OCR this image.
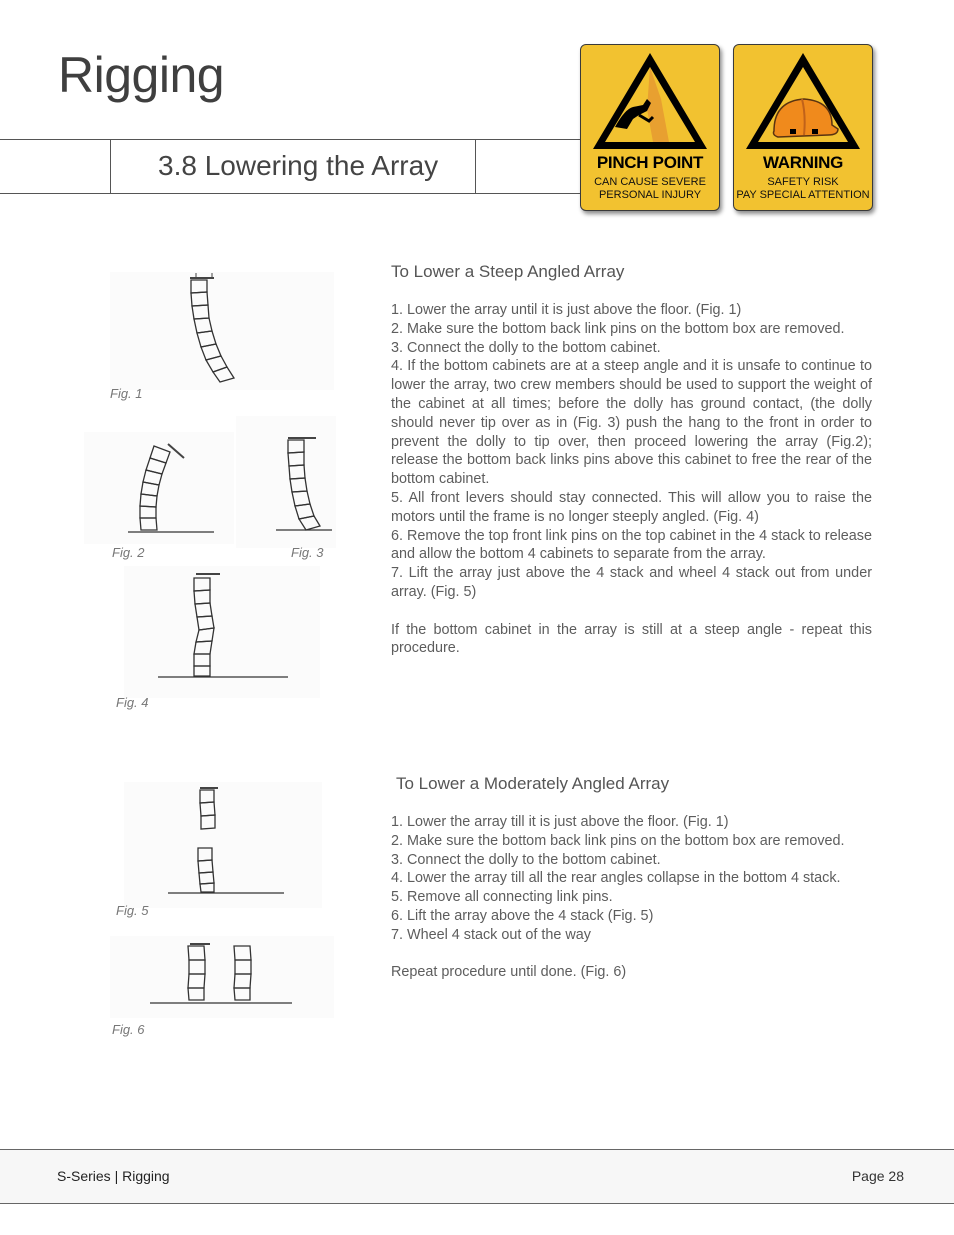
Rigging
3.8 Lowering the Array	PINCH POINT
CAN CAUSE SEVERE
PERSONAL INJURY
WARNING
SAFETY RISK
PAY SPECIAL ATTENTION
To Lower a Steep Angled Array

1. Lower the array until it is just above the floor. (Fig. 1)

2. Make sure the bottom back link pins on the bottom box are removed.

3. Connect the dolly to the bottom cabinet.

4. If the bottom cabinets are at a steep angle and it is unsafe to continue to lower the array, two crew members should be used to support the weight of the cabinet at all times; before the dolly has ground contact, (the dolly should never tip over as in (Fig. 3) push the hang to the front in order to prevent the dolly to tip over, then proceed lowering the array (Fig.2); release the bottom back links pins above this cabinet to free the rear of the bottom cabinet.

5. All front levers should stay connected. This will allow you to raise the motors until the frame is no longer steeply angled. (Fig. 4)

6. Remove the top front link pins on the top cabinet in the 4 stack to release and allow the bottom 4 cabinets to separate from the array.

7. Lift the array just above the 4 stack and wheel 4 stack out from under array. (Fig. 5)

If the bottom cabinet in the array is still at a steep angle - repeat this procedure.

To Lower a Moderately Angled Array

1. Lower the array till it is just above the floor. (Fig. 1)

2. Make sure the bottom back link pins on the bottom box are removed.

3. Connect the dolly to the bottom cabinet.

4. Lower the array till all the rear angles collapse in the bottom 4 stack.

5. Remove all connecting link pins.

6. Lift the array above the 4 stack (Fig. 5)

7. Wheel 4 stack out of the way

Repeat procedure until done. (Fig. 6)

Fig. 1
Fig. 2	Fig. 3
Fig. 4
Fig. 5
Fig. 6
S-Series | Rigging	Page 28
